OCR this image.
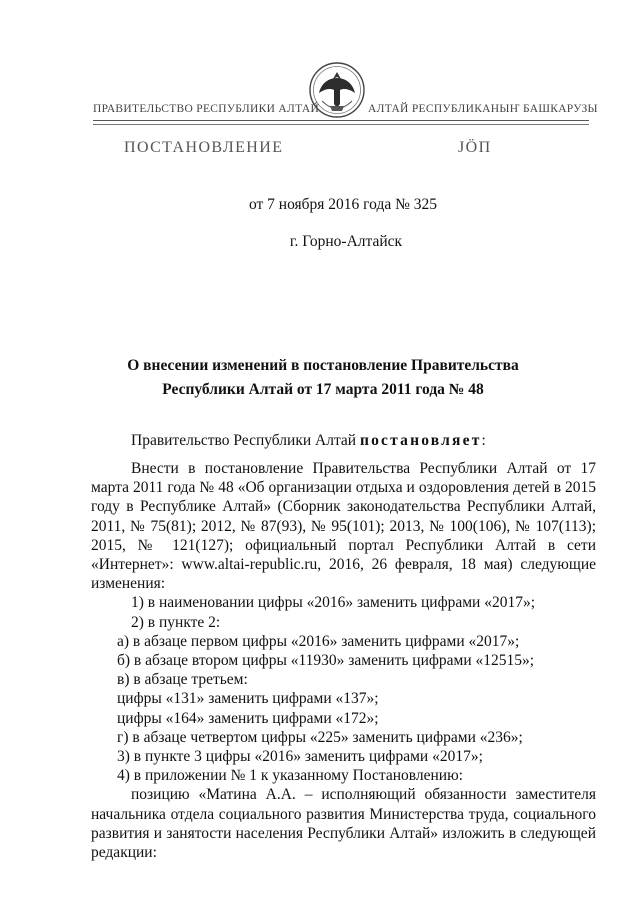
ПРАВИТЕЛЬСТВО РЕСПУБЛИКИ АЛТАЙ	АЛТАЙ РЕСПУБЛИКАНЫҤ БАШКАРУЗЫ
ПОСТАНОВЛЕНИЕ	JÖП
от 7 ноября 2016 года № 325
г. Горно-Алтайск
О внесении изменений в постановление Правительства
Республики Алтай от 17 марта 2011 года № 48
Правительство Республики Алтай постановляет:

Внести в постановление Правительства Республики Алтай от 17 марта 2011 года № 48 «Об организации отдыха и оздоровления детей в 2015 году в Республике Алтай» (Сборник законодательства Республики Алтай, 2011, № 75(81); 2012, № 87(93), № 95(101); 2013, № 100(106), № 107(113); 2015, № 121(127); официальный портал Республики Алтай в сети «Интернет»: www.altai-republic.ru, 2016, 26 февраля, 18 мая) следующие изменения:

1) в наименовании цифры «2016» заменить цифрами «2017»;

2) в пункте 2:

а) в абзаце первом цифры «2016» заменить цифрами «2017»;

б) в абзаце втором цифры «11930» заменить цифрами «12515»;

в) в абзаце третьем:

цифры «131» заменить цифрами «137»;

цифры «164» заменить цифрами «172»;

г) в абзаце четвертом цифры «225» заменить цифрами «236»;

3) в пункте 3 цифры «2016» заменить цифрами «2017»;

4) в приложении № 1 к указанному Постановлению:

позицию «Матина А.А. – исполняющий обязанности заместителя начальника отдела социального развития Министерства труда, социального развития и занятости населения Республики Алтай» изложить в следующей редакции:
